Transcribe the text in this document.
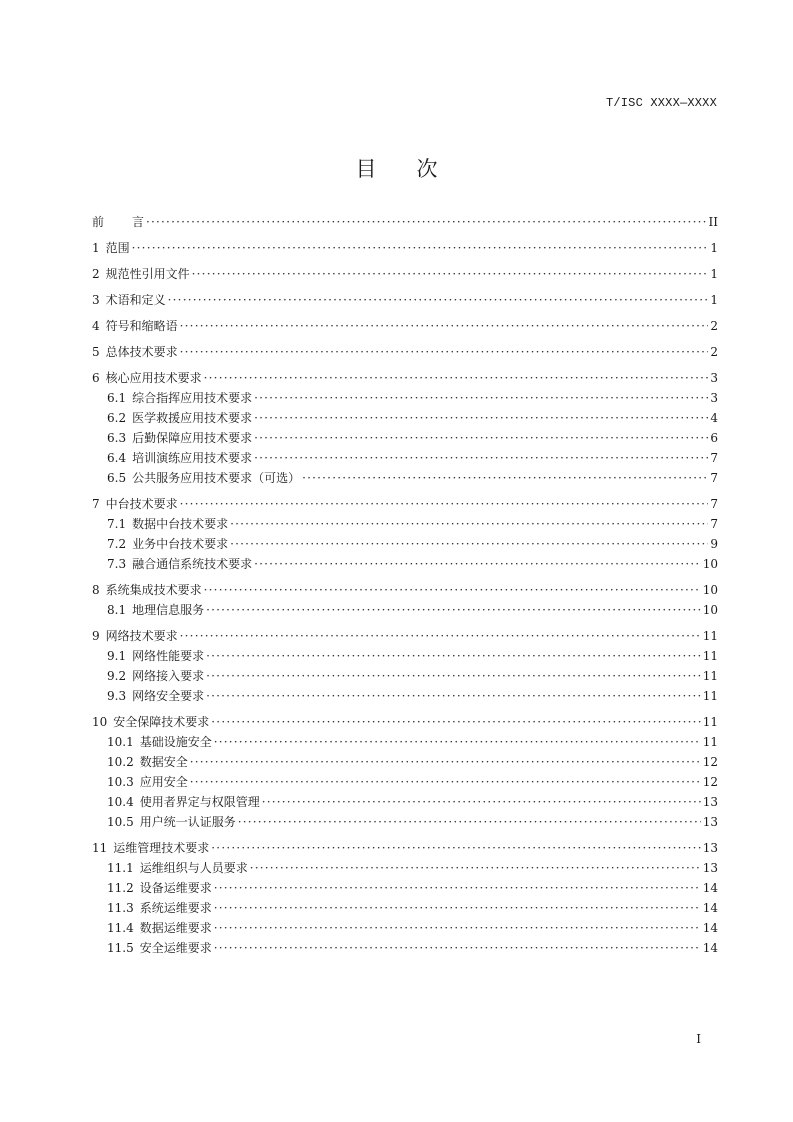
T/ISC XXXX—XXXX
目 次
前言 ·····	II
1 范围 ·····	1
2 规范性引用文件 ·····	1
3 术语和定义 ·····	1
4 符号和缩略语 ·····	2
5 总体技术要求 ·····	2
6 核心应用技术要求 ·····	3
6.1 综合指挥应用技术要求 ·····	3
6.2 医学救援应用技术要求 ·····	4
6.3 后勤保障应用技术要求 ·····	6
6.4 培训演练应用技术要求 ·····	7
6.5 公共服务应用技术要求（可选） ·····	7
7 中台技术要求 ·····	7
7.1 数据中台技术要求 ·····	7
7.2 业务中台技术要求 ·····	9
7.3 融合通信系统技术要求 ·····	10
8 系统集成技术要求 ·····	10
8.1 地理信息服务 ·····	10
9 网络技术要求 ·····	11
9.1 网络性能要求 ·····	11
9.2 网络接入要求 ·····	11
9.3 网络安全要求 ·····	11
10 安全保障技术要求 ·····	11
10.1 基础设施安全 ·····	11
10.2 数据安全 ·····	12
10.3 应用安全 ·····	12
10.4 使用者界定与权限管理 ·····	13
10.5 用户统一认证服务 ·····	13
11 运维管理技术要求 ·····	13
11.1 运维组织与人员要求 ·····	13
11.2 设备运维要求 ·····	14
11.3 系统运维要求 ·····	14
11.4 数据运维要求 ·····	14
11.5 安全运维要求 ·····	14
I
